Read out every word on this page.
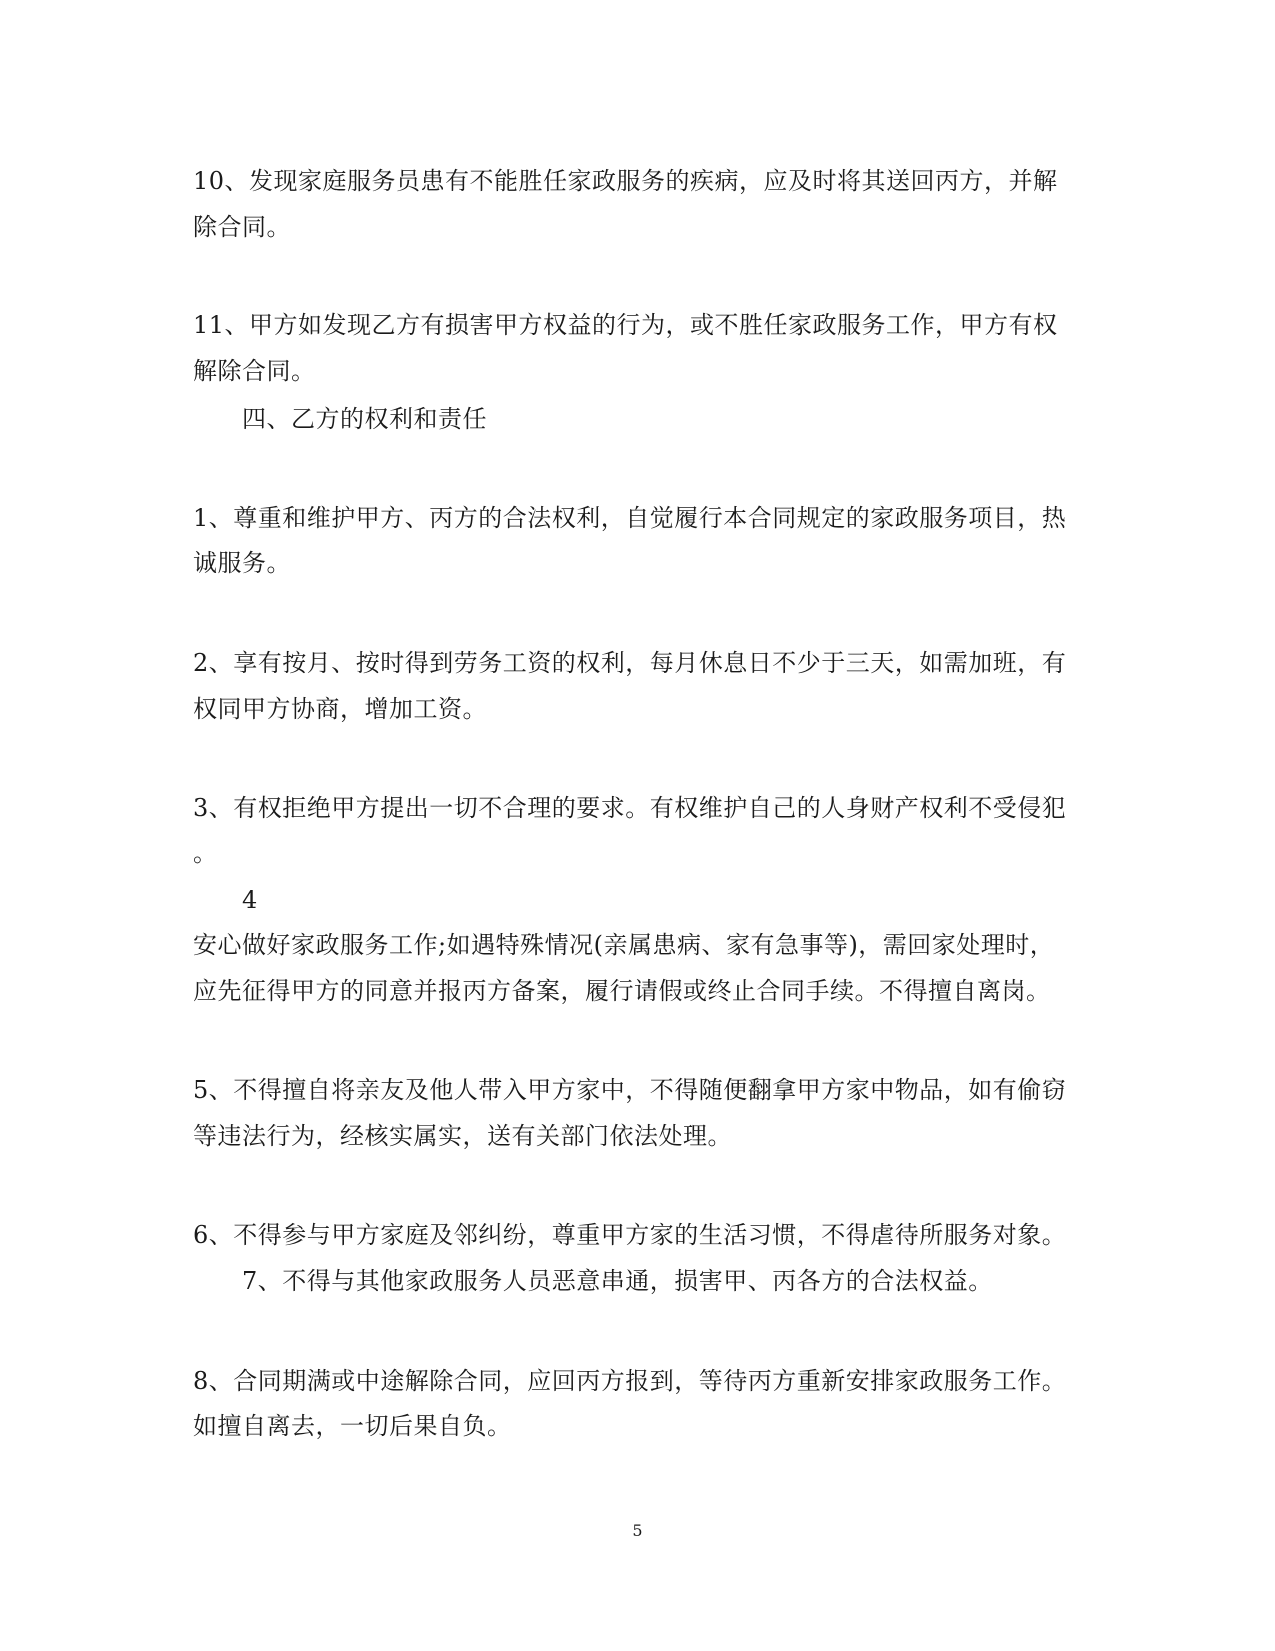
10、发现家庭服务员患有不能胜任家政服务的疾病，应及时将其送回丙方，并解
除合同。
11、甲方如发现乙方有损害甲方权益的行为，或不胜任家政服务工作，甲方有权
解除合同。
四、乙方的权利和责任
1、尊重和维护甲方、丙方的合法权利，自觉履行本合同规定的家政服务项目，热
诚服务。
2、享有按月、按时得到劳务工资的权利，每月休息日不少于三天，如需加班，有
权同甲方协商，增加工资。
3、有权拒绝甲方提出一切不合理的要求。有权维护自己的人身财产权利不受侵犯
。
4
安心做好家政服务工作;如遇特殊情况(亲属患病、家有急事等)，需回家处理时，
应先征得甲方的同意并报丙方备案，履行请假或终止合同手续。不得擅自离岗。
5、不得擅自将亲友及他人带入甲方家中，不得随便翻拿甲方家中物品，如有偷窃
等违法行为，经核实属实，送有关部门依法处理。
6、不得参与甲方家庭及邻纠纷，尊重甲方家的生活习惯，不得虐待所服务对象。
7、不得与其他家政服务人员恶意串通，损害甲、丙各方的合法权益。
8、合同期满或中途解除合同，应回丙方报到，等待丙方重新安排家政服务工作。
如擅自离去，一切后果自负。
5
